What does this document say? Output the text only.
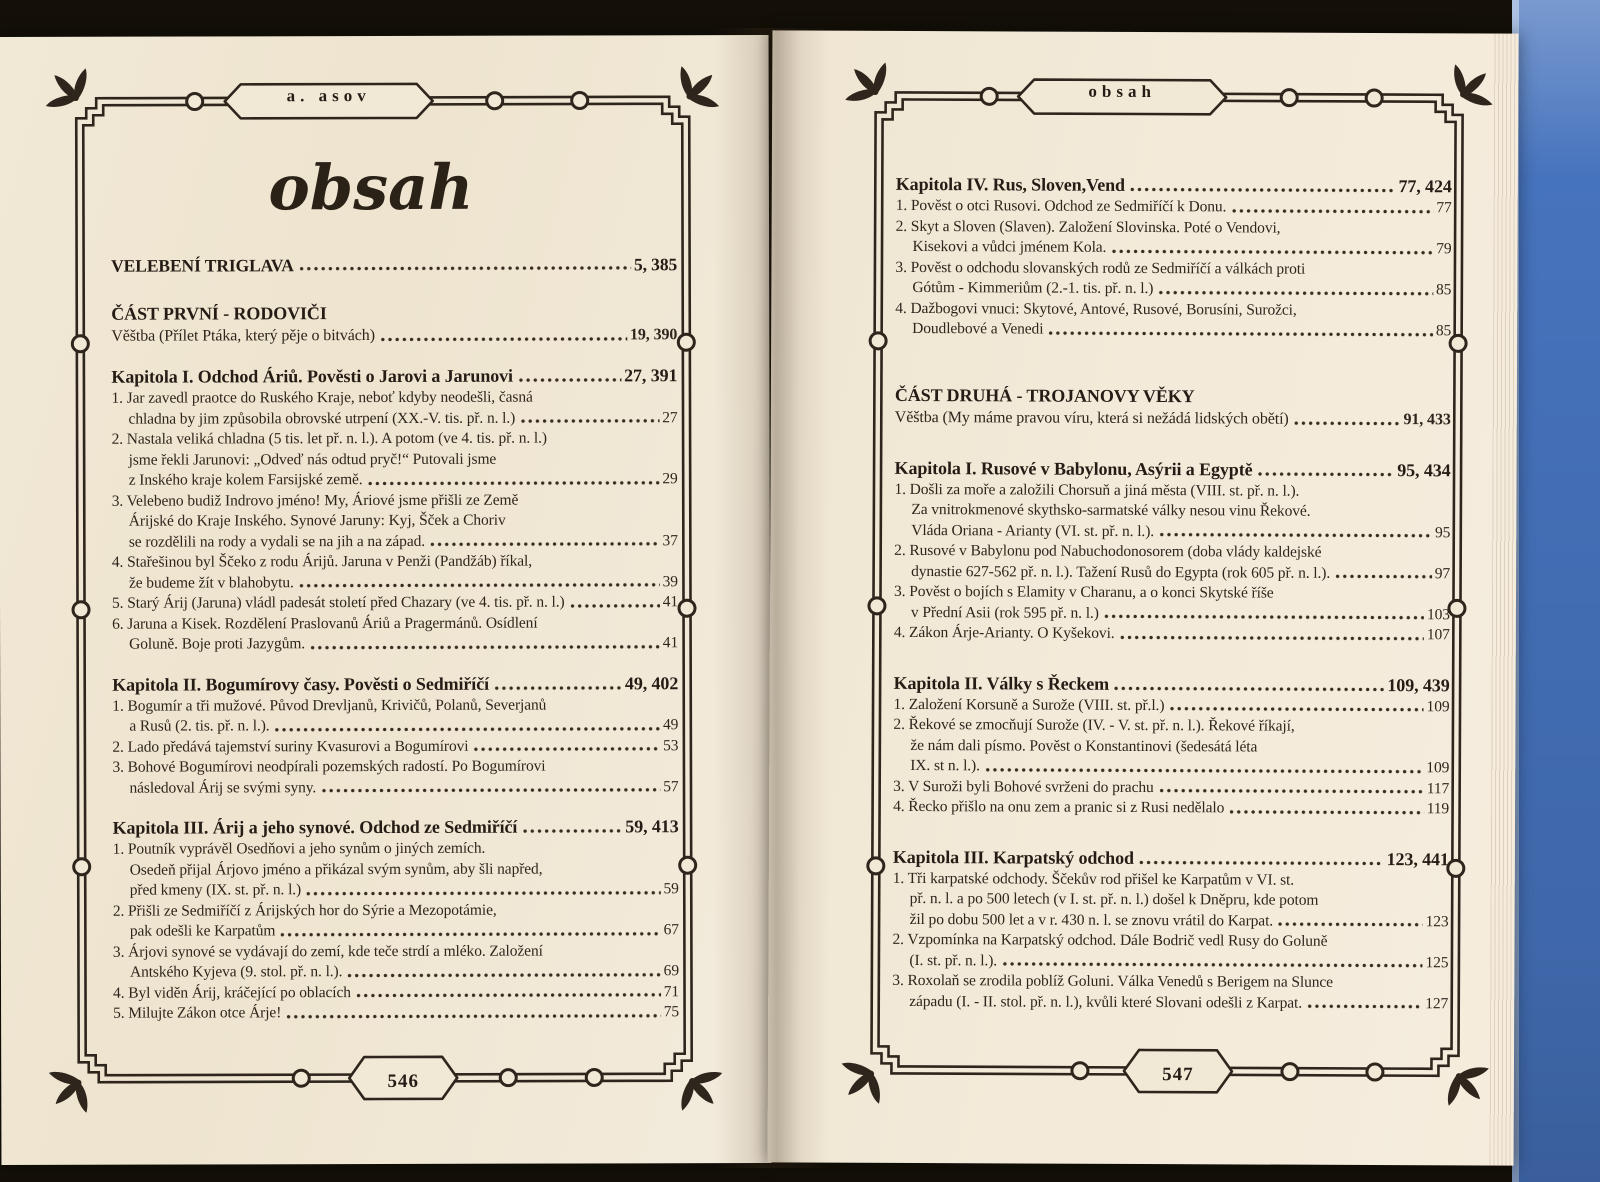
a. asov
546
obsah
VELEBENÍ TRIGLAVA	5, 385
ČÁST PRVNÍ - RODOVIČI
Věštba (Přílet Ptáka, který pěje o bitvách)	19, 390
Kapitola I. Odchod Áriů. Pověsti o Jarovi a Jarunovi	27, 391
1. Jar zavedl praotce do Ruského Kraje, neboť kdyby neodešli, časná
chladna by jim způsobila obrovské utrpení (XX.-V. tis. př. n. l.)	27
2. Nastala veliká chladna (5 tis. let př. n. l.). A potom (ve 4. tis. př. n. l.)
jsme řekli Jarunovi: „Odveď nás odtud pryč!“ Putovali jsme
z Inského kraje kolem Farsijské země.	29
3. Velebeno budiž Indrovo jméno! My, Áriové jsme přišli ze Země
Árijské do Kraje Inského. Synové Jaruny: Kyj, Šček a Choriv
se rozdělili na rody a vydali se na jih a na západ.	37
4. Stařešinou byl Ščeko z rodu Árijů. Jaruna v Penži (Pandžáb) říkal,
že budeme žít v blahobytu.	39
5. Starý Árij (Jaruna) vládl padesát století před Chazary (ve 4. tis. př. n. l.)	41
6. Jaruna a Kisek. Rozdělení Praslovanů Áriů a Pragermánů. Osídlení
Goluně. Boje proti Jazygům.	41
Kapitola II. Bogumírovy časy. Pověsti o Sedmiříčí	49, 402
1. Bogumír a tři mužové. Původ Drevljanů, Krivičů, Polanů, Severjanů
a Rusů (2. tis. př. n. l.).	49
2. Lado předává tajemství suriny Kvasurovi a Bogumírovi	53
3. Bohové Bogumírovi neodpírali pozemských radostí. Po Bogumírovi
následoval Árij se svými syny.	57
Kapitola III. Árij a jeho synové. Odchod ze Sedmiříčí	59, 413
1. Poutník vyprávěl Osedňovi a jeho synům o jiných zemích.
Osedeň přijal Árjovo jméno a přikázal svým synům, aby šli napřed,
před kmeny (IX. st. př. n. l.)	59
2. Přišli ze Sedmiříčí z Árijských hor do Sýrie a Mezopotámie,
pak odešli ke Karpatům	67
3. Árjovi synové se vydávají do zemí, kde teče strdí a mléko. Založení
Antského Kyjeva (9. stol. př. n. l.).	69
4. Byl viděn Árij, kráčející po oblacích	71
5. Milujte Zákon otce Árje!	75
obsah
547
Kapitola IV. Rus, Sloven,Vend	77, 424
1. Pověst o otci Rusovi. Odchod ze Sedmiříčí k Donu.	77
2. Skyt a Sloven (Slaven). Založení Slovinska. Poté o Vendovi,
Kisekovi a vůdci jménem Kola.	79
3. Pověst o odchodu slovanských rodů ze Sedmiříčí a válkách proti
Gótům - Kimmeriům (2.-1. tis. př. n. l.)	85
4. Dažbogovi vnuci: Skytové, Antové, Rusové, Borusíni, Surožci,
Doudlebové a Venedi	85
ČÁST DRUHÁ - TROJANOVY VĚKY
Věštba (My máme pravou víru, která si nežádá lidských obětí)	91, 433
Kapitola I. Rusové v Babylonu, Asýrii a Egyptě	95, 434
1. Došli za moře a založili Chorsuň a jiná města (VIII. st. př. n. l.).
Za vnitrokmenové skythsko-sarmatské války nesou vinu Řekové.
Vláda Oriana - Arianty (VI. st. př. n. l.).	95
2. Rusové v Babylonu pod Nabuchodonosorem (doba vlády kaldejské
dynastie 627-562 př. n. l.). Tažení Rusů do Egypta (rok 605 př. n. l.).	97
3. Pověst o bojích s Elamity v Charanu, a o konci Skytské říše
v Přední Asii (rok 595 př. n. l.)	103
4. Zákon Árje-Arianty. O Kyšekovi.	107
Kapitola II. Války s Řeckem	109, 439
1. Založení Korsuně a Surože (VIII. st. př.l.)	109
2. Řekové se zmocňují Surože (IV. - V. st. př. n. l.). Řekové říkají,
že nám dali písmo. Pověst o Konstantinovi (šedesátá léta
IX. st n. l.).	109
3. V Suroži byli Bohové svrženi do prachu	117
4. Řecko přišlo na onu zem a pranic si z Rusi nedělalo	119
Kapitola III. Karpatský odchod	123, 441
1. Tři karpatské odchody. Ščekův rod přišel ke Karpatům v VI. st.
př. n. l. a po 500 letech (v I. st. př. n. l.) došel k Dněpru, kde potom
žil po dobu 500 let a v r. 430 n. l. se znovu vrátil do Karpat.	123
2. Vzpomínka na Karpatský odchod. Dále Bodrič vedl Rusy do Goluně
(I. st. př. n. l.).	125
3. Roxolaň se zrodila poblíž Goluni. Válka Venedů s Berigem na Slunce
západu (I. - II. stol. př. n. l.), kvůli které Slovani odešli z Karpat.	127
